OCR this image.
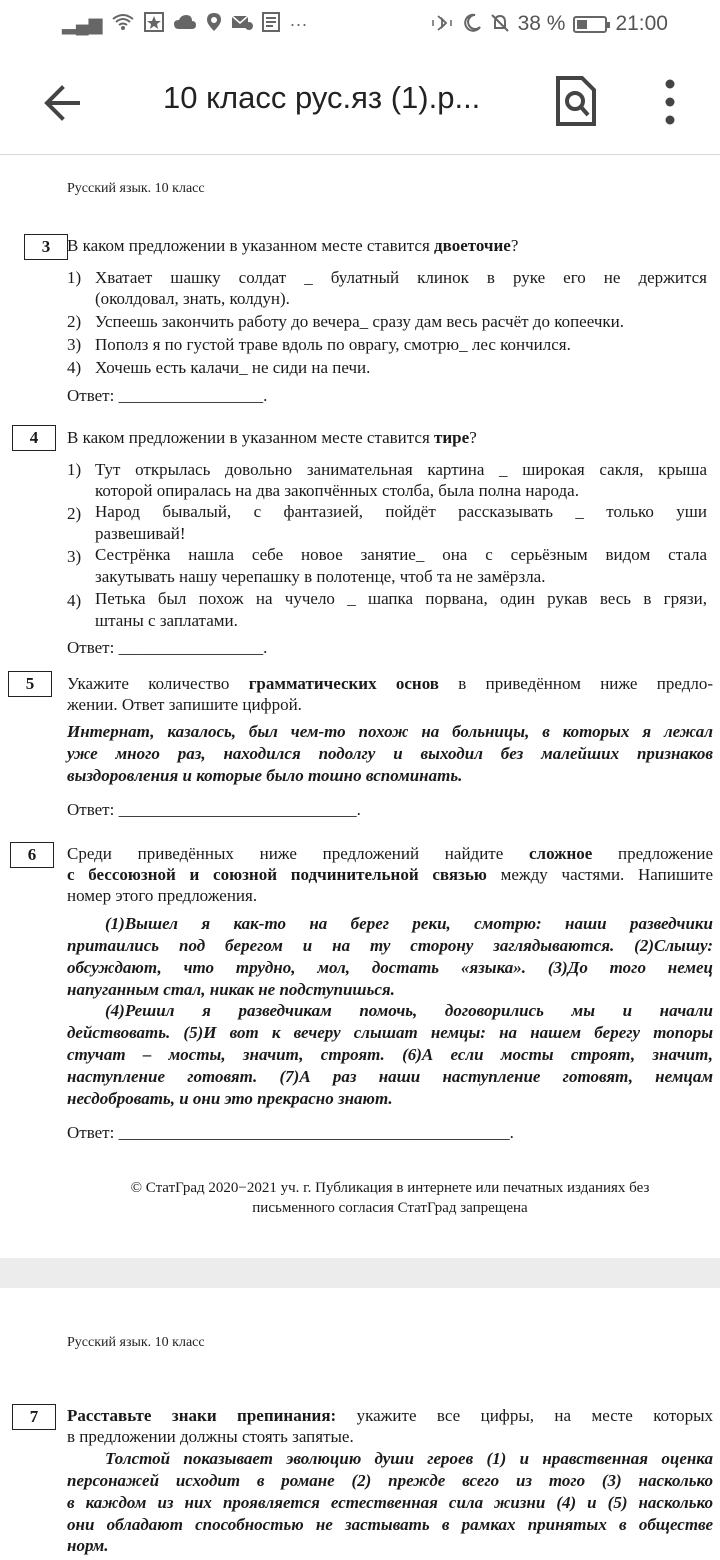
▂▄▆	···	38 % 21:00
10 класс рус.яз (1).р...
Русский язык. 10 класс
3 В каком предложении в указанном месте ставится двоеточие?
1) Хватает шашку солдат _ булатный клинок в руке его не держится
(околдовал, знать, колдун).
2) Успеешь закончить работу до вечера_ сразу дам весь расчёт до копеечки.
3) Пополз я по густой траве вдоль по оврагу, смотрю_ лес кончился.
4) Хочешь есть калачи_ не сиди на печи.
Ответ: _________________.
4	В каком предложении в указанном месте ставится тире?
1) Тут открылась довольно занимательная картина _ широкая сакля, крыша
которой опиралась на два закопчённых столба, была полна народа.
2) Народ бывалый, с фантазией, пойдёт рассказывать _ только уши
развешивай!
3) Сестрёнка нашла себе новое занятие_ она с серьёзным видом стала
закутывать нашу черепашку в полотенце, чтоб та не замёрзла.
4) Петька был похож на чучело _ шапка порвана, один рукав весь в грязи,
штаны с заплатами.
Ответ: _________________.
5	Укажите количество грамматических основ в приведённом ниже предло-
жении. Ответ запишите цифрой.
Интернат, казалось, был чем-то похож на больницы, в которых я лежал
уже много раз, находился подолгу и выходил без малейших признаков
выздоровления и которые было тошно вспоминать.
Ответ: ____________________________.
6	Среди приведённых ниже предложений найдите сложное предложение
с бессоюзной и союзной подчинительной связью между частями. Напишите
номер этого предложения.
(1)Вышел я как-то на берег реки, смотрю: наши разведчики
притаились под берегом и на ту сторону заглядываются. (2)Слышу:
обсуждают, что трудно, мол, достать «языка». (3)До того немец
напуганным стал, никак не подступишься.
(4)Решил я разведчикам помочь, договорились мы и начали
действовать. (5)И вот к вечеру слышат немцы: на нашем берегу топоры
стучат – мосты, значит, строят. (6)А если мосты строят, значит,
наступление готовят. (7)А раз наши наступление готовят, немцам
несдобровать, и они это прекрасно знают.
Ответ: ______________________________________________.
© СтатГрад 2020−2021 уч. г. Публикация в интернете или печатных изданиях без
письменного согласия СтатГрад запрещена
Русский язык. 10 класс
7	Расставьте знаки препинания: укажите все цифры, на месте которых
в предложении должны стоять запятые.
Толстой показывает эволюцию души героев (1) и нравственная оценка
персонажей исходит в романе (2) прежде всего из того (3) насколько
в каждом из них проявляется естественная сила жизни (4) и (5) насколько
они обладают способностью не застывать в рамках принятых в обществе
норм.
